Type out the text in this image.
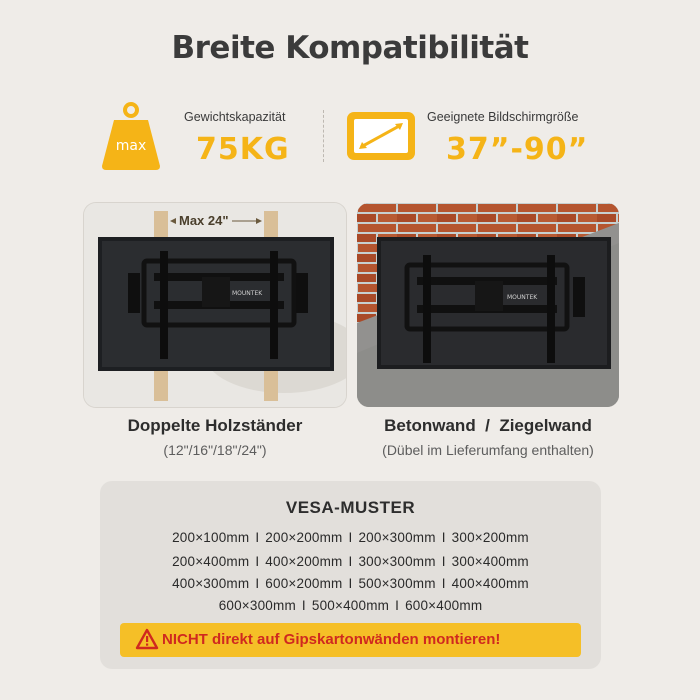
Breite Kompatibilität
max
Gewichtskapazität
75KG
Geeignete Bildschirmgröße
37”-90”
MOUNTEK
Max 24"
MOUNTEK
Doppelte Holzständer
(12"/16"/18"/24")
Betonwand  /  Ziegelwand
(Dübel im Lieferumfang enthalten)
VESA-MUSTER
200×100mm I 200×200mm I 200×300mm I 300×200mm
200×400mm I 400×200mm I 300×300mm I 300×400mm
400×300mm I 600×200mm I 500×300mm I 400×400mm
600×300mm I 500×400mm I 600×400mm
NICHT direkt auf Gipskartonwänden montieren!
